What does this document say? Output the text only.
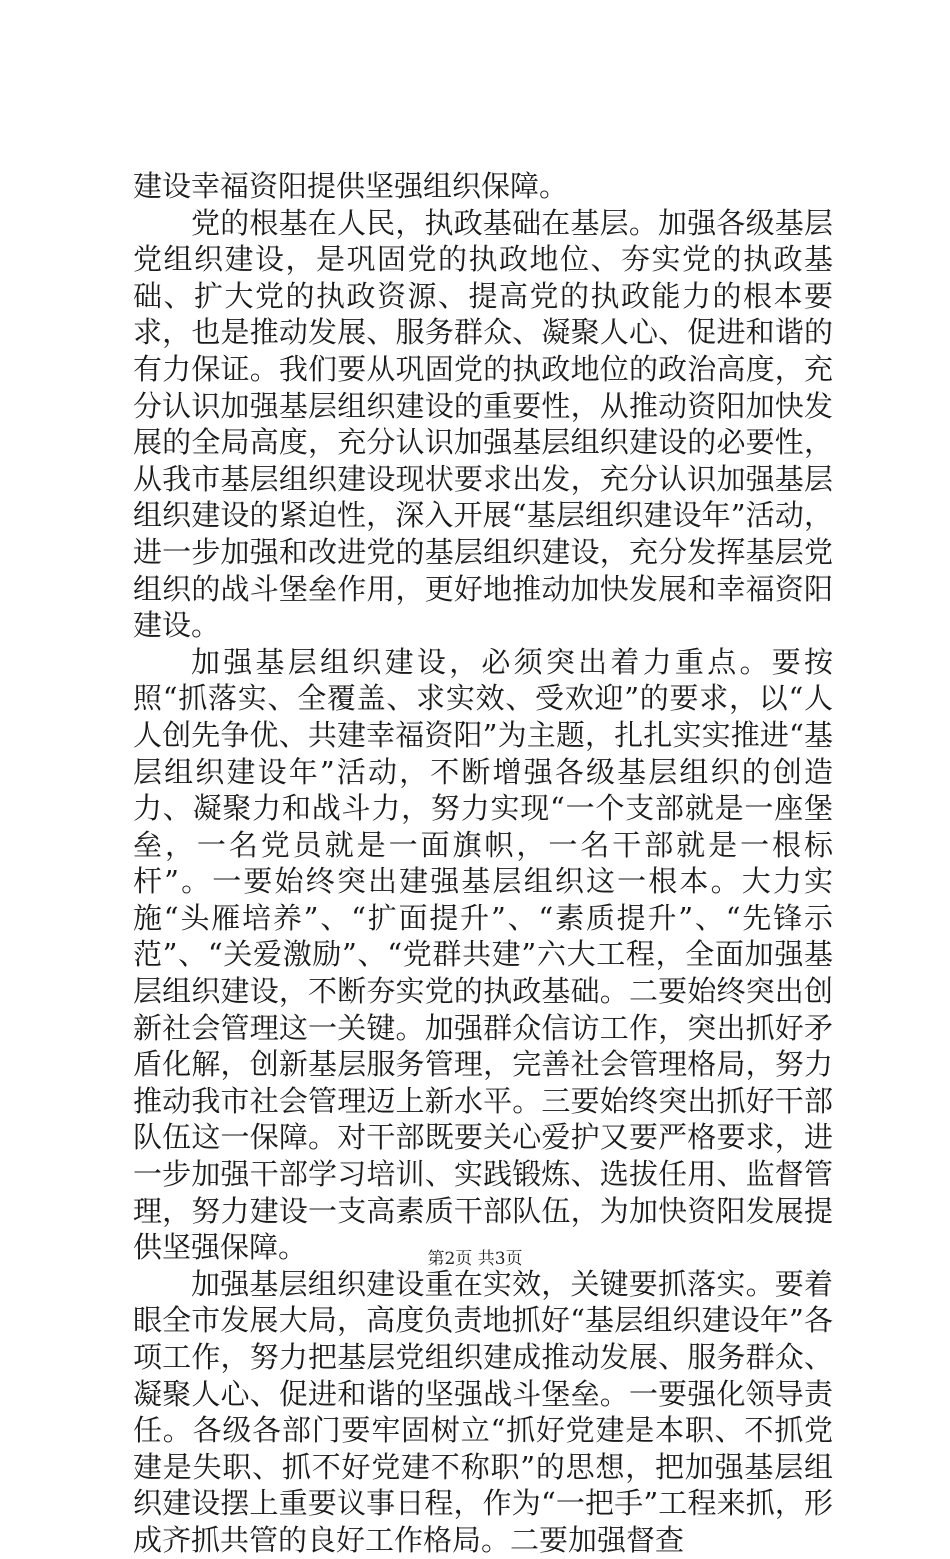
建设幸福资阳提供坚强组织保障。

党的根基在人民，执政基础在基层。加强各级基层党组织建设，是巩固党的执政地位、夯实党的执政基础、扩大党的执政资源、提高党的执政能力的根本要求，也是推动发展、服务群众、凝聚人心、促进和谐的有力保证。我们要从巩固党的执政地位的政治高度，充分认识加强基层组织建设的重要性，从推动资阳加快发展的全局高度，充分认识加强基层组织建设的必要性，从我市基层组织建设现状要求出发，充分认识加强基层组织建设的紧迫性，深入开展“基层组织建设年”活动，进一步加强和改进党的基层组织建设，充分发挥基层党组织的战斗堡垒作用，更好地推动加快发展和幸福资阳建设。

加强基层组织建设，必须突出着力重点。要按照“抓落实、全覆盖、求实效、受欢迎”的要求，以“人人创先争优、共建幸福资阳”为主题，扎扎实实推进“基层组织建设年”活动，不断增强各级基层组织的创造力、凝聚力和战斗力，努力实现“一个支部就是一座堡垒，一名党员就是一面旗帜，一名干部就是一根标杆”。一要始终突出建强基层组织这一根本。大力实施“头雁培养”、“扩面提升”、“素质提升”、“先锋示范”、“关爱激励”、“党群共建”六大工程，全面加强基层组织建设，不断夯实党的执政基础。二要始终突出创新社会管理这一关键。加强群众信访工作，突出抓好矛盾化解，创新基层服务管理，完善社会管理格局，努力推动我市社会管理迈上新水平。三要始终突出抓好干部队伍这一保障。对干部既要关心爱护又要严格要求，进一步加强干部学习培训、实践锻炼、选拔任用、监督管理，努力建设一支高素质干部队伍，为加快资阳发展提供坚强保障。

加强基层组织建设重在实效，关键要抓落实。要着眼全市发展大局，高度负责地抓好“基层组织建设年”各项工作，努力把基层党组织建成推动发展、服务群众、凝聚人心、促进和谐的坚强战斗堡垒。一要强化领导责任。各级各部门要牢固树立“抓好党建是本职、不抓党建是失职、抓不好党建不称职”的思想，把加强基层组织建设摆上重要议事日程，作为“一把手”工程来抓，形成齐抓共管的良好工作格局。二要加强督查

第2页 共3页
